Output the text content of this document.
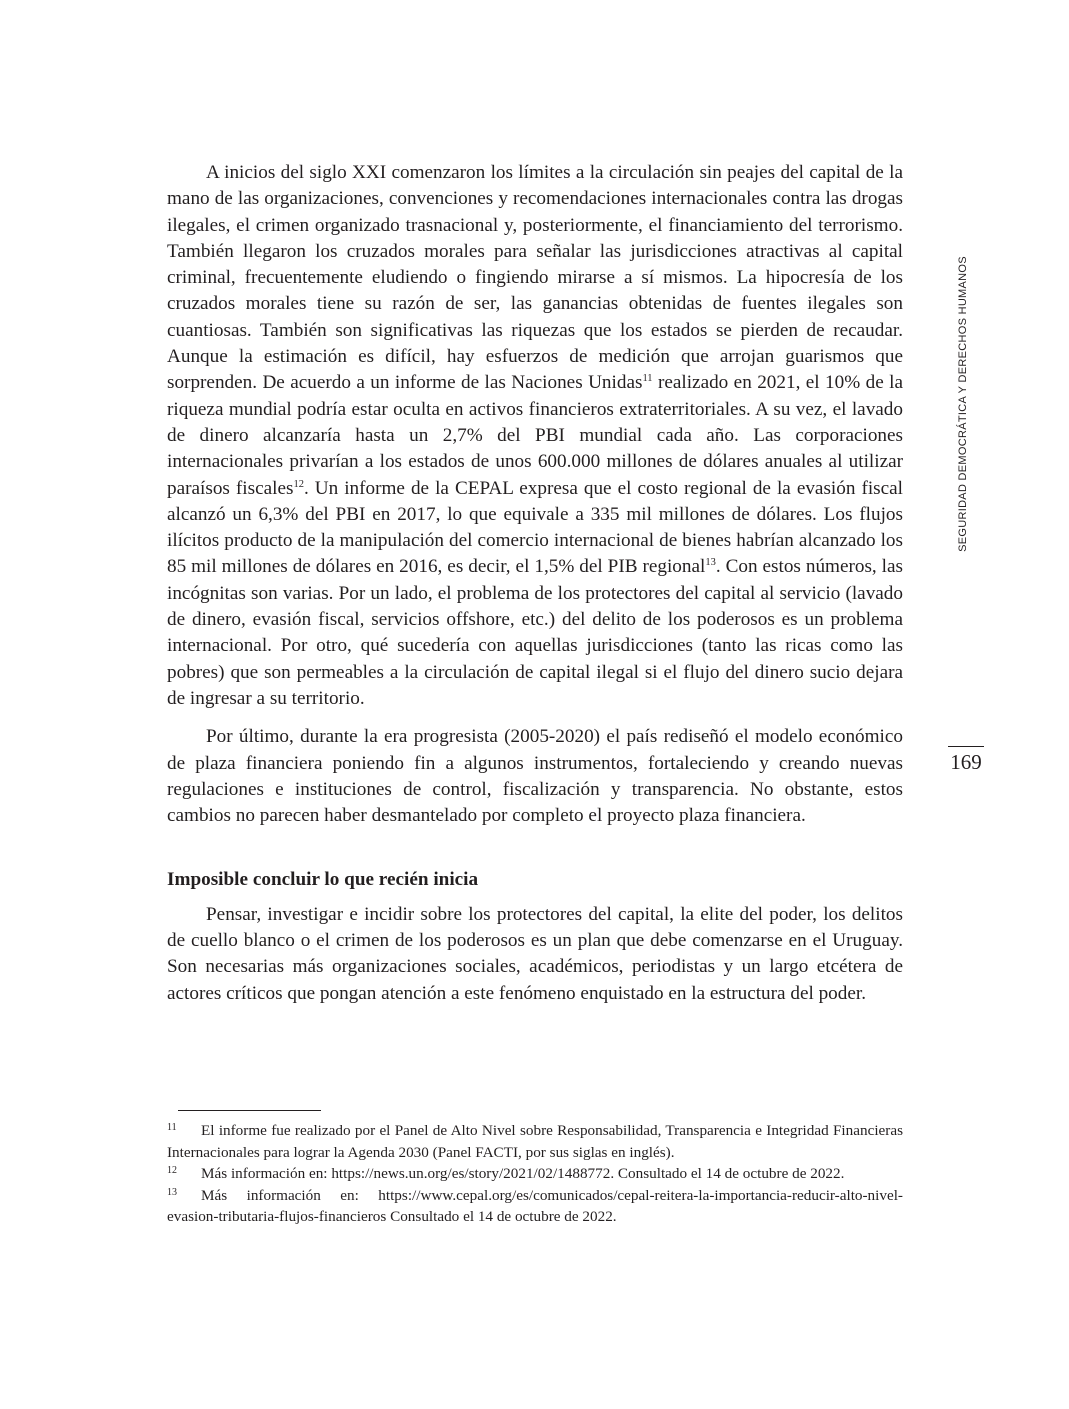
A inicios del siglo XXI comenzaron los límites a la circulación sin peajes del capital de la mano de las organizaciones, convenciones y recomendaciones internacionales contra las drogas ilegales, el crimen organizado trasnacional y, posteriormente, el financiamiento del terrorismo. También llegaron los cruzados morales para señalar las jurisdicciones atractivas al capital criminal, frecuentemente eludiendo o fingiendo mirarse a sí mismos. La hipocresía de los cruzados morales tiene su razón de ser, las ganancias obtenidas de fuentes ilegales son cuantiosas. También son significativas las riquezas que los estados se pierden de recaudar. Aunque la estimación es difícil, hay esfuerzos de medición que arrojan guarismos que sorprenden. De acuerdo a un informe de las Naciones Unidas$^{11}$ realizado en 2021, el 10% de la riqueza mundial podría estar oculta en activos financieros extraterritoriales. A su vez, el lavado de dinero alcanzaría hasta un 2,7% del PBI mundial cada año. Las corporaciones internacionales privarían a los estados de unos 600.000 millones de dólares anuales al utilizar paraísos fiscales$^{12}$. Un informe de la CEPAL expresa que el costo regional de la evasión fiscal alcanzó un 6,3% del PBI en 2017, lo que equivale a 335 mil millones de dólares. Los flujos ilícitos producto de la manipulación del comercio internacional de bienes habrían alcanzado los 85 mil millones de dólares en 2016, es decir, el 1,5% del PIB regional$^{13}$. Con estos números, las incógnitas son varias. Por un lado, el problema de los protectores del capital al servicio (lavado de dinero, evasión fiscal, servicios offshore, etc.) del delito de los poderosos es un problema internacional. Por otro, qué sucedería con aquellas jurisdicciones (tanto las ricas como las pobres) que son permeables a la circulación de capital ilegal si el flujo del dinero sucio dejara de ingresar a su territorio.

Por último, durante la era progresista (2005-2020) el país rediseñó el modelo económico de plaza financiera poniendo fin a algunos instrumentos, fortaleciendo y creando nuevas regulaciones e instituciones de control, fiscalización y transparencia. No obstante, estos cambios no parecen haber desmantelado por completo el proyecto plaza financiera.

Imposible concluir lo que recién inicia

Pensar, investigar e incidir sobre los protectores del capital, la elite del poder, los delitos de cuello blanco o el crimen de los poderosos es un plan que debe comenzarse en el Uruguay. Son necesarias más organizaciones sociales, académicos, periodistas y un largo etcétera de actores críticos que pongan atención a este fenómeno enquistado en la estructura del poder.

SEGURIDAD DEMOCRÁTICA Y DERECHOS HUMANOS
169

11 El informe fue realizado por el Panel de Alto Nivel sobre Responsabilidad, Transparencia e Integridad Financieras Internacionales para lograr la Agenda 2030 (Panel FACTI, por sus siglas en inglés).

12 Más información en: https://news.un.org/es/story/2021/02/1488772. Consultado el 14 de octubre de 2022.

13 Más información en: https://www.cepal.org/es/comunicados/cepal-reitera-la-importancia-reducir-alto-nivel-evasion-tributaria-flujos-financieros Consultado el 14 de octubre de 2022.
